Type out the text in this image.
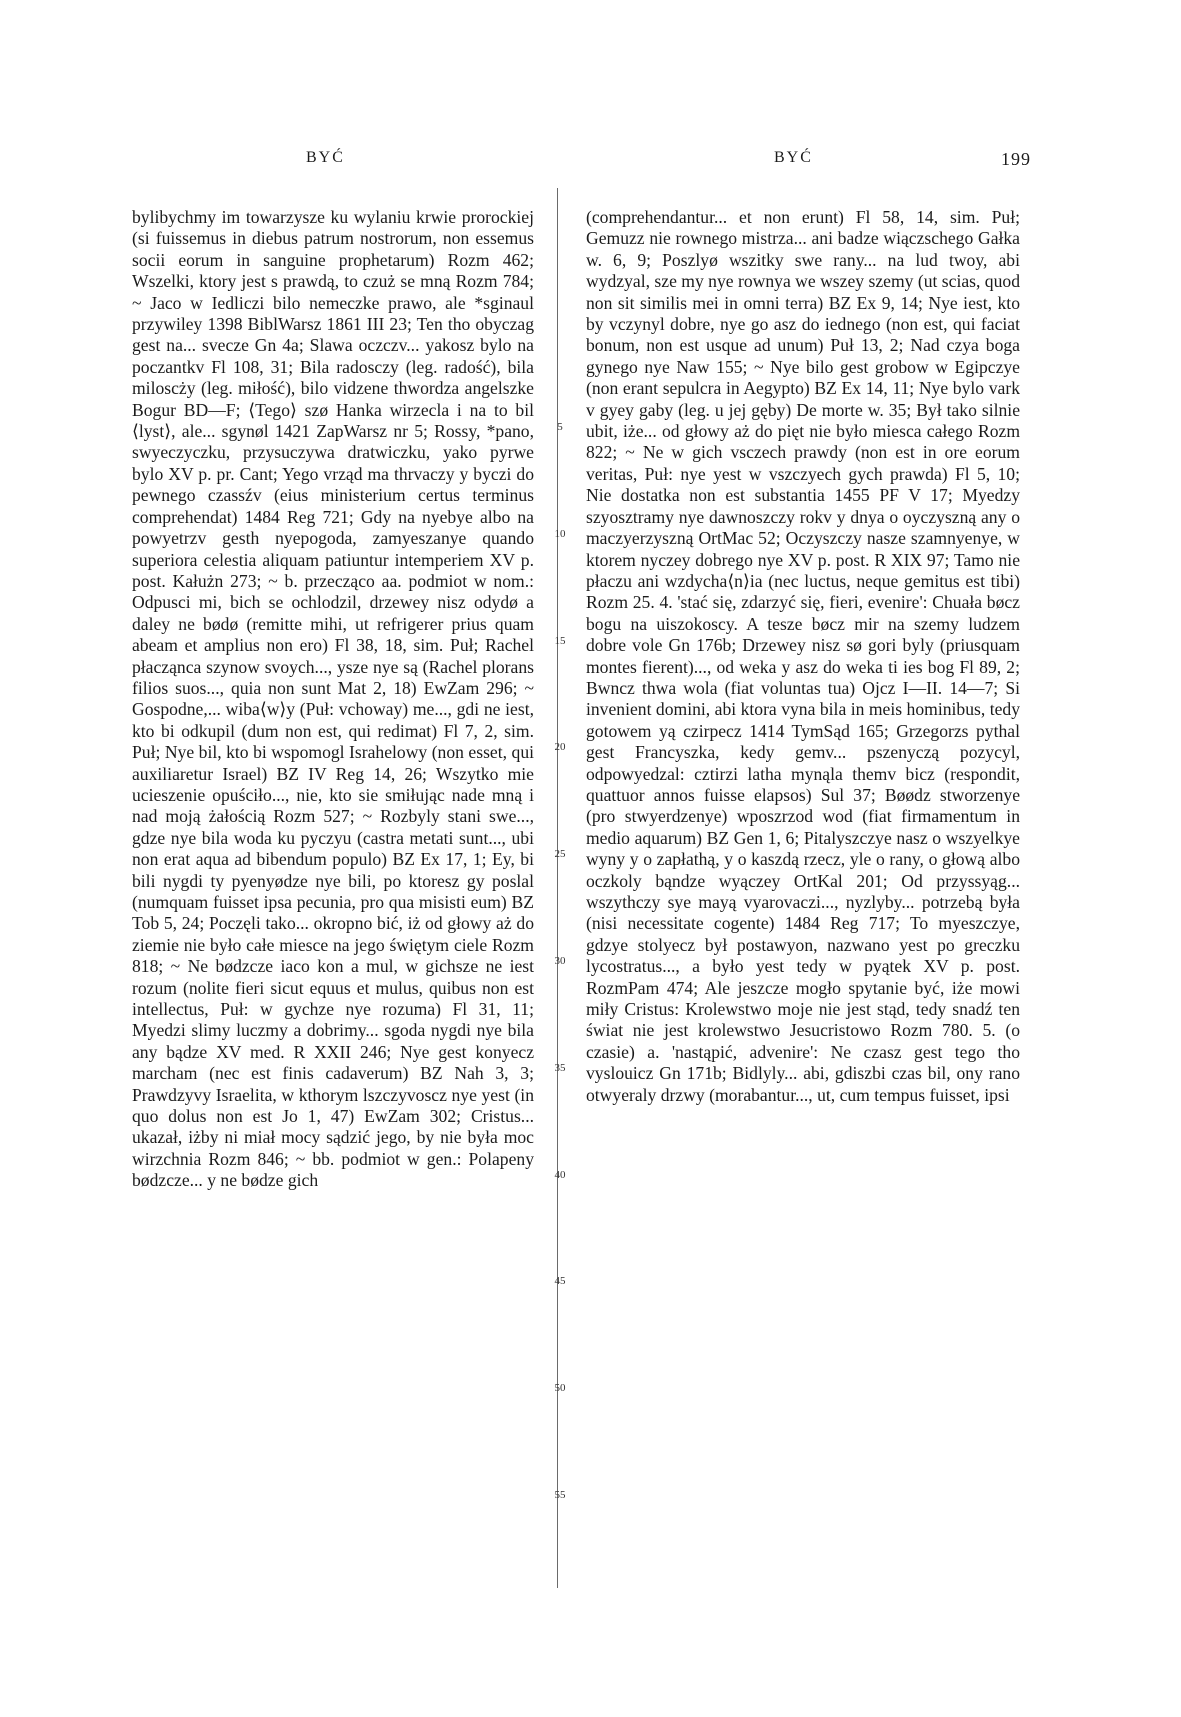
BYĆ	BYĆ	199

bylibychmy im towarzysze ku wylaniu krwie prorockiej (si fuissemus in diebus patrum nostrorum, non essemus socii eorum in sanguine prophetarum) Rozm 462; Wszelki, ktory jest s prawdą, to czuż se mną Rozm 784; ~ Jaco w Iedliczi bilo nemeczke prawo, ale *sginaul przywiley 1398 BiblWarsz 1861 III 23; Ten tho obyczag gest na... svecze Gn 4a; Slawa oczczv... yakosz bylo na poczantkv Fl 108, 31; Bila radosczy (leg. radość), bila miloscży (leg. miłość), bilo vidzene thwordza angelszke Bogur BD—F; ⟨Tego⟩ szø Hanka wirzecla i na to bil ⟨lyst⟩, ale... sgynøl 1421 ZapWarsz nr 5; Rossy, *pano, swyeczyczku, przysuczywa dratwiczku, yako pyrwe bylo XV p. pr. Cant; Yego vrząd ma thrvaczy y byczi do pewnego czassźv (eius ministerium certus terminus comprehendat) 1484 Reg 721; Gdy na nyebye albo na powyetrzv gesth nyepogoda, zamyeszanye quando superiora celestia aliquam patiuntur intemperiem XV p. post. Kałużn 273; ~ b. przecząco aa. podmiot w nom.: Odpusci mi, bich se ochlodzil, drzewey nisz odydø a daley ne bødø (remitte mihi, ut refrigerer prius quam abeam et amplius non ero) Fl 38, 18, sim. Puł; Rachel płacząnca szynow svoych..., ysze nye są (Rachel plorans filios suos..., quia non sunt Mat 2, 18) EwZam 296; ~ Gospodne,... wiba⟨w⟩y (Puł: vchoway) me..., gdi ne iest, kto bi odkupil (dum non est, qui redimat) Fl 7, 2, sim. Puł; Nye bil, kto bi wspomogl Israhelowy (non esset, qui auxiliaretur Israel) BZ IV Reg 14, 26; Wszytko mie ucieszenie opuściło..., nie, kto sie smiłując nade mną i nad moją żałością Rozm 527; ~ Rozbyly stani swe..., gdze nye bila woda ku pyczyu (castra metati sunt..., ubi non erat aqua ad bibendum populo) BZ Ex 17, 1; Ey, bi bili nygdi ty pyenyødze nye bili, po ktoresz gy poslal (numquam fuisset ipsa pecunia, pro qua misisti eum) BZ Tob 5, 24; Poczęli tako... okropno bić, iż od głowy aż do ziemie nie było całe miesce na jego świętym ciele Rozm 818; ~ Ne bødzcze iaco kon a mul, w gichsze ne iest rozum (nolite fieri sicut equus et mulus, quibus non est intellectus, Puł: w gychze nye rozuma) Fl 31, 11; Myedzi slimy luczmy a dobrimy... sgoda nygdi nye bila any bądze XV med. R XXII 246; Nye gest konyecz marcham (nec est finis cadaverum) BZ Nah 3, 3; Prawdzyvy Israelita, w kthorym lszczyvoscz nye yest (in quo dolus non est Jo 1, 47) EwZam 302; Cristus... ukazał, iżby ni miał mocy sądzić jego, by nie była moc wirzchnia Rozm 846; ~ bb. podmiot w gen.: Polapeny bødzcze... y ne bødze gich

5
10
15
20
25
30
35
40
45
50
55

(comprehendantur... et non erunt) Fl 58, 14, sim. Puł; Gemuzz nie rownego mistrza... ani badze wiączschego Gałka w. 6, 9; Poszlyø wszitky swe rany... na lud twoy, abi wydzyal, sze my nye rownya we wszey szemy (ut scias, quod non sit similis mei in omni terra) BZ Ex 9, 14; Nye iest, kto by vczynyl dobre, nye go asz do iednego (non est, qui faciat bonum, non est usque ad unum) Puł 13, 2; Nad czya boga gynego nye Naw 155; ~ Nye bilo gest grobow w Egipczye (non erant sepulcra in Aegypto) BZ Ex 14, 11; Nye bylo vark v gyey gaby (leg. u jej gęby) De morte w. 35; Był tako silnie ubit, iże... od głowy aż do pięt nie było miesca całego Rozm 822; ~ Ne w gich vsczech prawdy (non est in ore eorum veritas, Puł: nye yest w vszczyech gych prawda) Fl 5, 10; Nie dostatka non est substantia 1455 PF V 17; Myedzy szyosztramy nye dawnoszczy rokv y dnya o oyczyszną any o maczyerzyszną OrtMac 52; Oczyszczy nasze szamnyenye, w ktorem nyczey dobrego nye XV p. post. R XIX 97; Tamo nie płaczu ani wzdycha⟨n⟩ia (nec luctus, neque gemitus est tibi) Rozm 25. 4. 'stać się, zdarzyć się, fieri, evenire': Chuała bøcz bogu na uiszokoscy. A tesze bøcz mir na szemy ludzem dobre vole Gn 176b; Drzewey nisz sø gori byly (priusquam montes fierent)..., od weka y asz do weka ti ies bog Fl 89, 2; Bwncz thwa wola (fiat voluntas tua) Ojcz I—II. 14—7; Si invenient domini, abi ktora vyna bila in meis hominibus, tedy gotowem yą czirpecz 1414 TymSąd 165; Grzegorzs pythal gest Francyszka, kedy gemv... pszenyczą pozycyl, odpowyedzal: cztirzi latha mynąla themv bicz (respondit, quattuor annos fuisse elapsos) Sul 37; Bøødz stworzenye (pro stwyerdzenye) wposzrzod wod (fiat firmamentum in medio aquarum) BZ Gen 1, 6; Pitalyszczye nasz o wszyelkye wyny y o zapłathą, y o kaszdą rzecz, yle o rany, o głową albo oczkoly bąndze wyączey OrtKal 201; Od przyssyąg... wszythczy sye mayą vyarovaczi..., nyzlyby... potrzebą była (nisi necessitate cogente) 1484 Reg 717; To myeszczye, gdzye stolyecz był postawyon, nazwano yest po greczku lycostratus..., a było yest tedy w pyątek XV p. post. RozmPam 474; Ale jeszcze mogło spytanie być, iże mowi miły Cristus: Krolewstwo moje nie jest stąd, tedy snadź ten świat nie jest krolewstwo Jesucristowo Rozm 780. 5. (o czasie) a. 'nastąpić, advenire': Ne czasz gest tego tho vyslouicz Gn 171b; Bidlyly... abi, gdiszbi czas bil, ony rano otwyeraly drzwy (morabantur..., ut, cum tempus fuisset, ipsi
